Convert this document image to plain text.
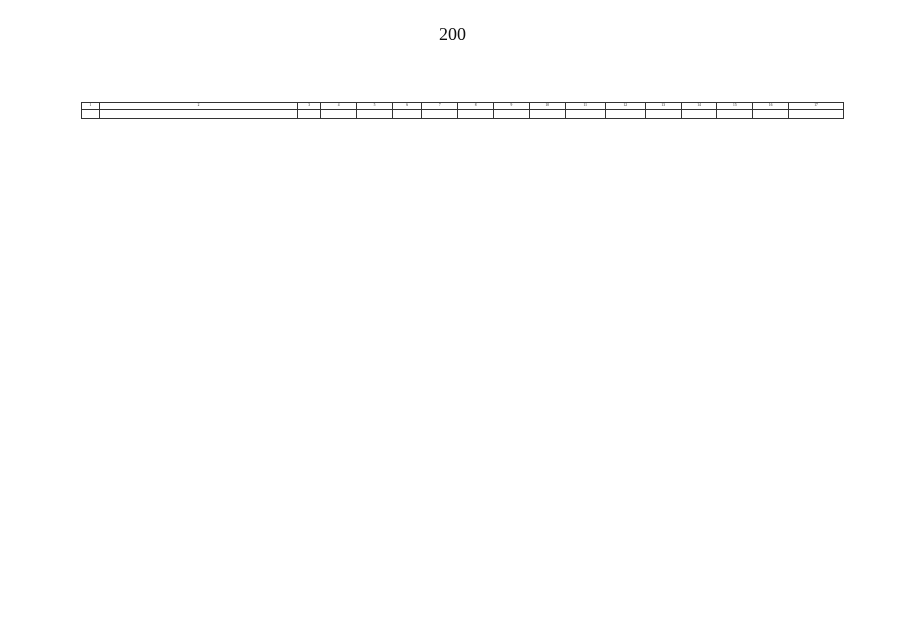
200
1	2	3	4	5	6	7	8	9	10	11	12	13	14	15	16	17
